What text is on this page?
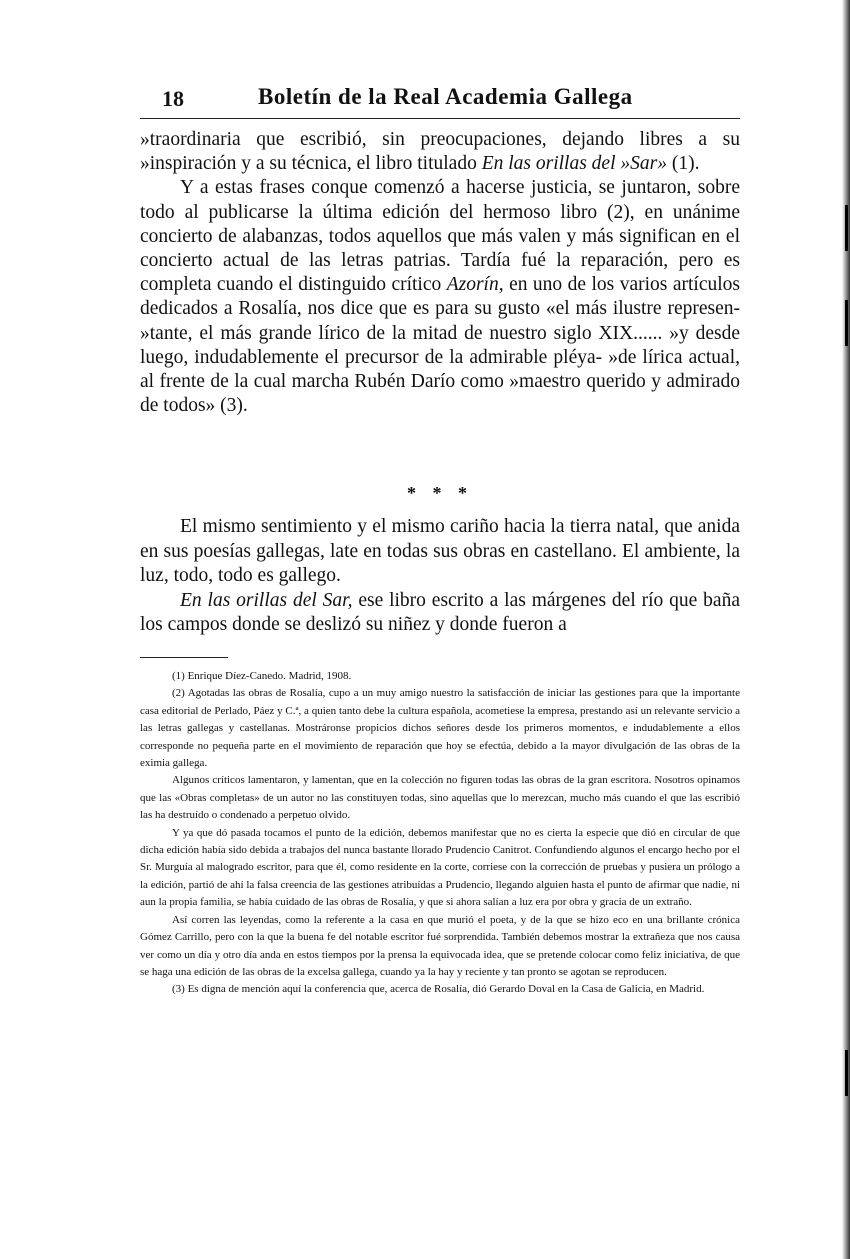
18	Boletín de la Real Academia Gallega

»traordinaria que escribió, sin preocupaciones, dejando libres a su »inspiración y a su técnica, el libro titulado En las orillas del »Sar» (1).

Y a estas frases conque comenzó a hacerse justicia, se juntaron, sobre todo al publicarse la última edición del hermoso libro (2), en unánime concierto de alabanzas, todos aquellos que más valen y más significan en el concierto actual de las letras patrias. Tardía fué la reparación, pero es completa cuando el distinguido crítico Azorín, en uno de los varios artículos dedicados a Rosalía, nos dice que es para su gusto «el más ilustre represen- »tante, el más grande lírico de la mitad de nuestro siglo XIX...... »y desde luego, indudablemente el precursor de la admirable pléya- »de lírica actual, al frente de la cual marcha Rubén Darío como »maestro querido y admirado de todos» (3).

* * *

El mismo sentimiento y el mismo cariño hacia la tierra natal, que anida en sus poesías gallegas, late en todas sus obras en castellano. El ambiente, la luz, todo, todo es gallego.

En las orillas del Sar, ese libro escrito a las márgenes del río que baña los campos donde se deslizó su niñez y donde fueron a

(1) Enrique Díez-Canedo. Madrid, 1908.

(2) Agotadas las obras de Rosalía, cupo a un muy amigo nuestro la satisfacción de iniciar las gestiones para que la importante casa editorial de Perlado, Páez y C.ª, a quien tanto debe la cultura española, acometiese la empresa, prestando así un relevante servicio a las letras gallegas y castellanas. Mostráronse propicios dichos señores desde los primeros momentos, e indudablemente a ellos corresponde no pequeña parte en el movimiento de reparación que hoy se efectúa, debido a la mayor divulgación de las obras de la eximia gallega.

Algunos críticos lamentaron, y lamentan, que en la colección no figuren todas las obras de la gran escritora. Nosotros opinamos que las «Obras completas» de un autor no las constituyen todas, sino aquellas que lo merezcan, mucho más cuando el que las escribió las ha destruído o condenado a perpetuo olvido.

Y ya que dó pasada tocamos el punto de la edición, debemos manifestar que no es cierta la especie que dió en circular de que dicha edición había sido debida a trabajos del nunca bastante llorado Prudencio Canitrot. Confundiendo algunos el encargo hecho por el Sr. Murguía al malogrado escritor, para que él, como residente en la corte, corriese con la corrección de pruebas y pusiera un prólogo a la edición, partió de ahí la falsa creencia de las gestiones atribuídas a Prudencio, llegando alguien hasta el punto de afirmar que nadie, ni aun la propia familia, se había cuidado de las obras de Rosalía, y que si ahora salían a luz era por obra y gracia de un extraño.

Así corren las leyendas, como la referente a la casa en que murió el poeta, y de la que se hizo eco en una brillante crónica Gómez Carrillo, pero con la que la buena fe del notable escritor fué sorprendida. También debemos mostrar la extrañeza que nos causa ver como un día y otro día anda en estos tiempos por la prensa la equivocada idea, que se pretende colocar como feliz iniciativa, de que se haga una edición de las obras de la excelsa gallega, cuando ya la hay y reciente y tan pronto se agotan se reproducen.

(3) Es digna de mención aquí la conferencia que, acerca de Rosalía, dió Gerardo Doval en la Casa de Galicia, en Madrid.
